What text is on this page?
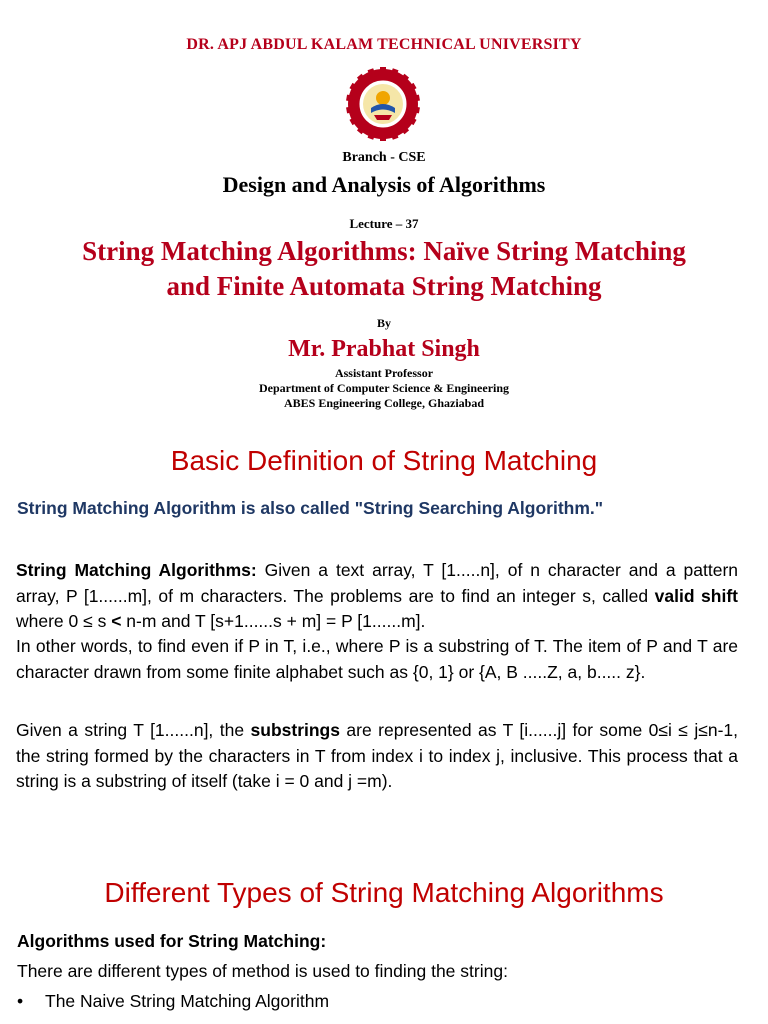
DR. APJ ABDUL KALAM TECHNICAL UNIVERSITY
Branch - CSE
Design and Analysis of Algorithms
Lecture – 37
String Matching Algorithms: Naïve String Matching
and Finite Automata String Matching
By
Mr. Prabhat Singh
Assistant Professor
Department of Computer Science & Engineering
ABES Engineering College, Ghaziabad
Basic Definition of String Matching
String Matching Algorithm is also called "String Searching Algorithm."
String Matching Algorithms: Given a text array, T [1.....n], of n character and a pattern array, P [1......m], of m characters. The problems are to find an integer s, called valid shift where 0 ≤ s < n-m and T [s+1......s + m] = P [1......m].
In other words, to find even if P in T, i.e., where P is a substring of T. The item of P and T are character drawn from some finite alphabet such as {0, 1} or {A, B .....Z, a, b..... z}.
Given a string T [1......n], the substrings are represented as T [i......j] for some 0≤i ≤ j≤n-1, the string formed by the characters in T from index i to index j, inclusive. This process that a string is a substring of itself (take i = 0 and j =m).
Different Types of String Matching Algorithms
Algorithms used for String Matching:
There are different types of method is used to finding the string:
• The Naive String Matching Algorithm
